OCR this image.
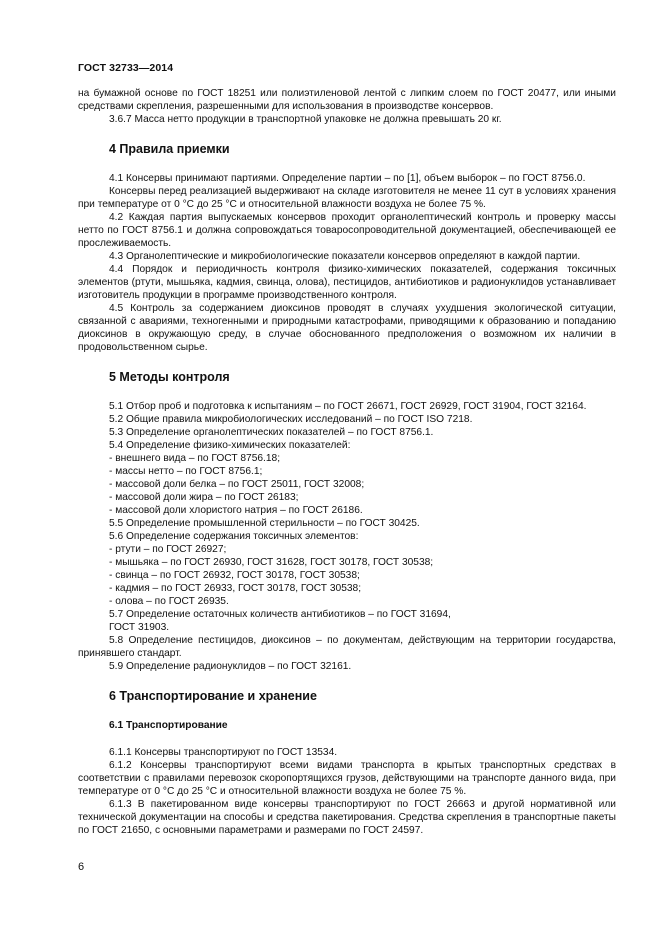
ГОСТ 32733—2014

на бумажной основе по ГОСТ 18251 или полиэтиленовой лентой с липким слоем по ГОСТ 20477, или иными средствами скрепления, разрешенными для использования в производстве консервов.

3.6.7 Масса нетто продукции в транспортной упаковке не должна превышать 20 кг.

4 Правила приемки

4.1 Консервы принимают партиями. Определение партии – по [1], объем выборок – по ГОСТ 8756.0.

Консервы перед реализацией выдерживают на складе изготовителя не менее 11 сут в условиях хранения при температуре от 0 °С до 25 °С и относительной влажности воздуха не более 75 %.

4.2 Каждая партия выпускаемых консервов проходит органолептический контроль и проверку массы нетто по ГОСТ 8756.1 и должна сопровождаться товаросопроводительной документацией, обеспечивающей ее прослеживаемость.

4.3 Органолептические и микробиологические показатели консервов определяют в каждой партии.

4.4 Порядок и периодичность контроля физико-химических показателей, содержания токсичных элементов (ртути, мышьяка, кадмия, свинца, олова), пестицидов, антибиотиков и радионуклидов устанавливает изготовитель продукции в программе производственного контроля.

4.5 Контроль за содержанием диоксинов проводят в случаях ухудшения экологической ситуации, связанной с авариями, техногенными и природными катастрофами, приводящими к образованию и попаданию диоксинов в окружающую среду, в случае обоснованного предположения о возможном их наличии в продовольственном сырье.

5 Методы контроля

5.1 Отбор проб и подготовка к испытаниям – по ГОСТ 26671, ГОСТ 26929, ГОСТ 31904, ГОСТ 32164.

5.2 Общие правила микробиологических исследований – по ГОСТ ISO 7218.

5.3 Определение органолептических показателей – по ГОСТ 8756.1.

5.4 Определение физико-химических показателей:

- внешнего вида – по ГОСТ 8756.18;

- массы нетто – по ГОСТ 8756.1;

- массовой доли белка – по ГОСТ 25011, ГОСТ 32008;

- массовой доли жира – по ГОСТ 26183;

- массовой доли хлористого натрия – по ГОСТ 26186.

5.5 Определение промышленной стерильности – по ГОСТ 30425.

5.6 Определение содержания токсичных элементов:

- ртути – по ГОСТ 26927;

- мышьяка – по ГОСТ 26930, ГОСТ 31628, ГОСТ 30178, ГОСТ 30538;

- свинца – по ГОСТ 26932, ГОСТ 30178, ГОСТ 30538;

- кадмия – по ГОСТ 26933, ГОСТ 30178, ГОСТ 30538;

- олова – по ГОСТ 26935.

5.7 Определение остаточных количеств антибиотиков – по ГОСТ 31694,

ГОСТ 31903.

5.8 Определение пестицидов, диоксинов – по документам, действующим на территории государства, принявшего стандарт.

5.9 Определение радионуклидов – по ГОСТ 32161.

6 Транспортирование и хранение
6.1 Транспортирование

6.1.1 Консервы транспортируют по ГОСТ 13534.

6.1.2 Консервы транспортируют всеми видами транспорта в крытых транспортных средствах в соответствии с правилами перевозок скоропортящихся грузов, действующими на транспорте данного вида, при температуре от 0 °С до 25 °С и относительной влажности воздуха не более 75 %.

6.1.3 В пакетированном виде консервы транспортируют по ГОСТ 26663 и другой нормативной или технической документации на способы и средства пакетирования. Средства скрепления в транспортные пакеты по ГОСТ 21650, с основными параметрами и размерами по ГОСТ 24597.

6
